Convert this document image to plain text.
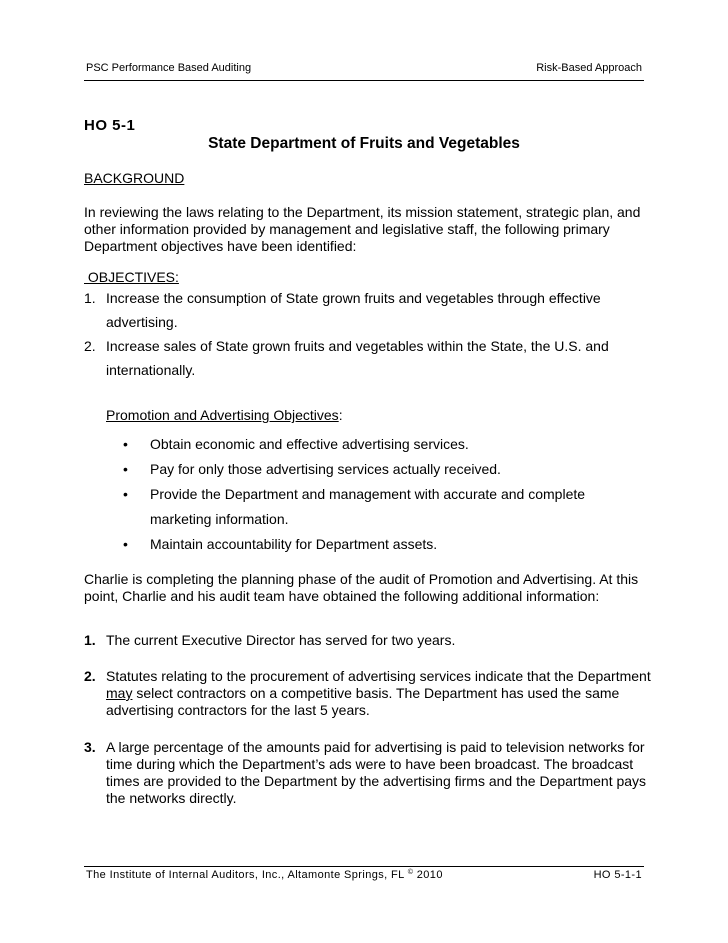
PSC Performance Based Auditing	Risk-Based Approach
HO 5-1
State Department of Fruits and Vegetables
BACKGROUND
In reviewing the laws relating to the Department, its mission statement, strategic plan, and other information provided by management and legislative staff, the following primary Department objectives have been identified:
OBJECTIVES:
1. Increase the consumption of State grown fruits and vegetables through effective advertising.
2. Increase sales of State grown fruits and vegetables within the State, the U.S. and internationally.
Promotion and Advertising Objectives:
• Obtain economic and effective advertising services.
• Pay for only those advertising services actually received.
• Provide the Department and management with accurate and complete marketing information.
• Maintain accountability for Department assets.
Charlie is completing the planning phase of the audit of Promotion and Advertising. At this point, Charlie and his audit team have obtained the following additional information:
1. The current Executive Director has served for two years.
2. Statutes relating to the procurement of advertising services indicate that the Department may select contractors on a competitive basis. The Department has used the same advertising contractors for the last 5 years.
3. A large percentage of the amounts paid for advertising is paid to television networks for time during which the Department’s ads were to have been broadcast. The broadcast times are provided to the Department by the advertising firms and the Department pays the networks directly.
The Institute of Internal Auditors, Inc., Altamonte Springs, FL © 2010	HO 5-1-1
